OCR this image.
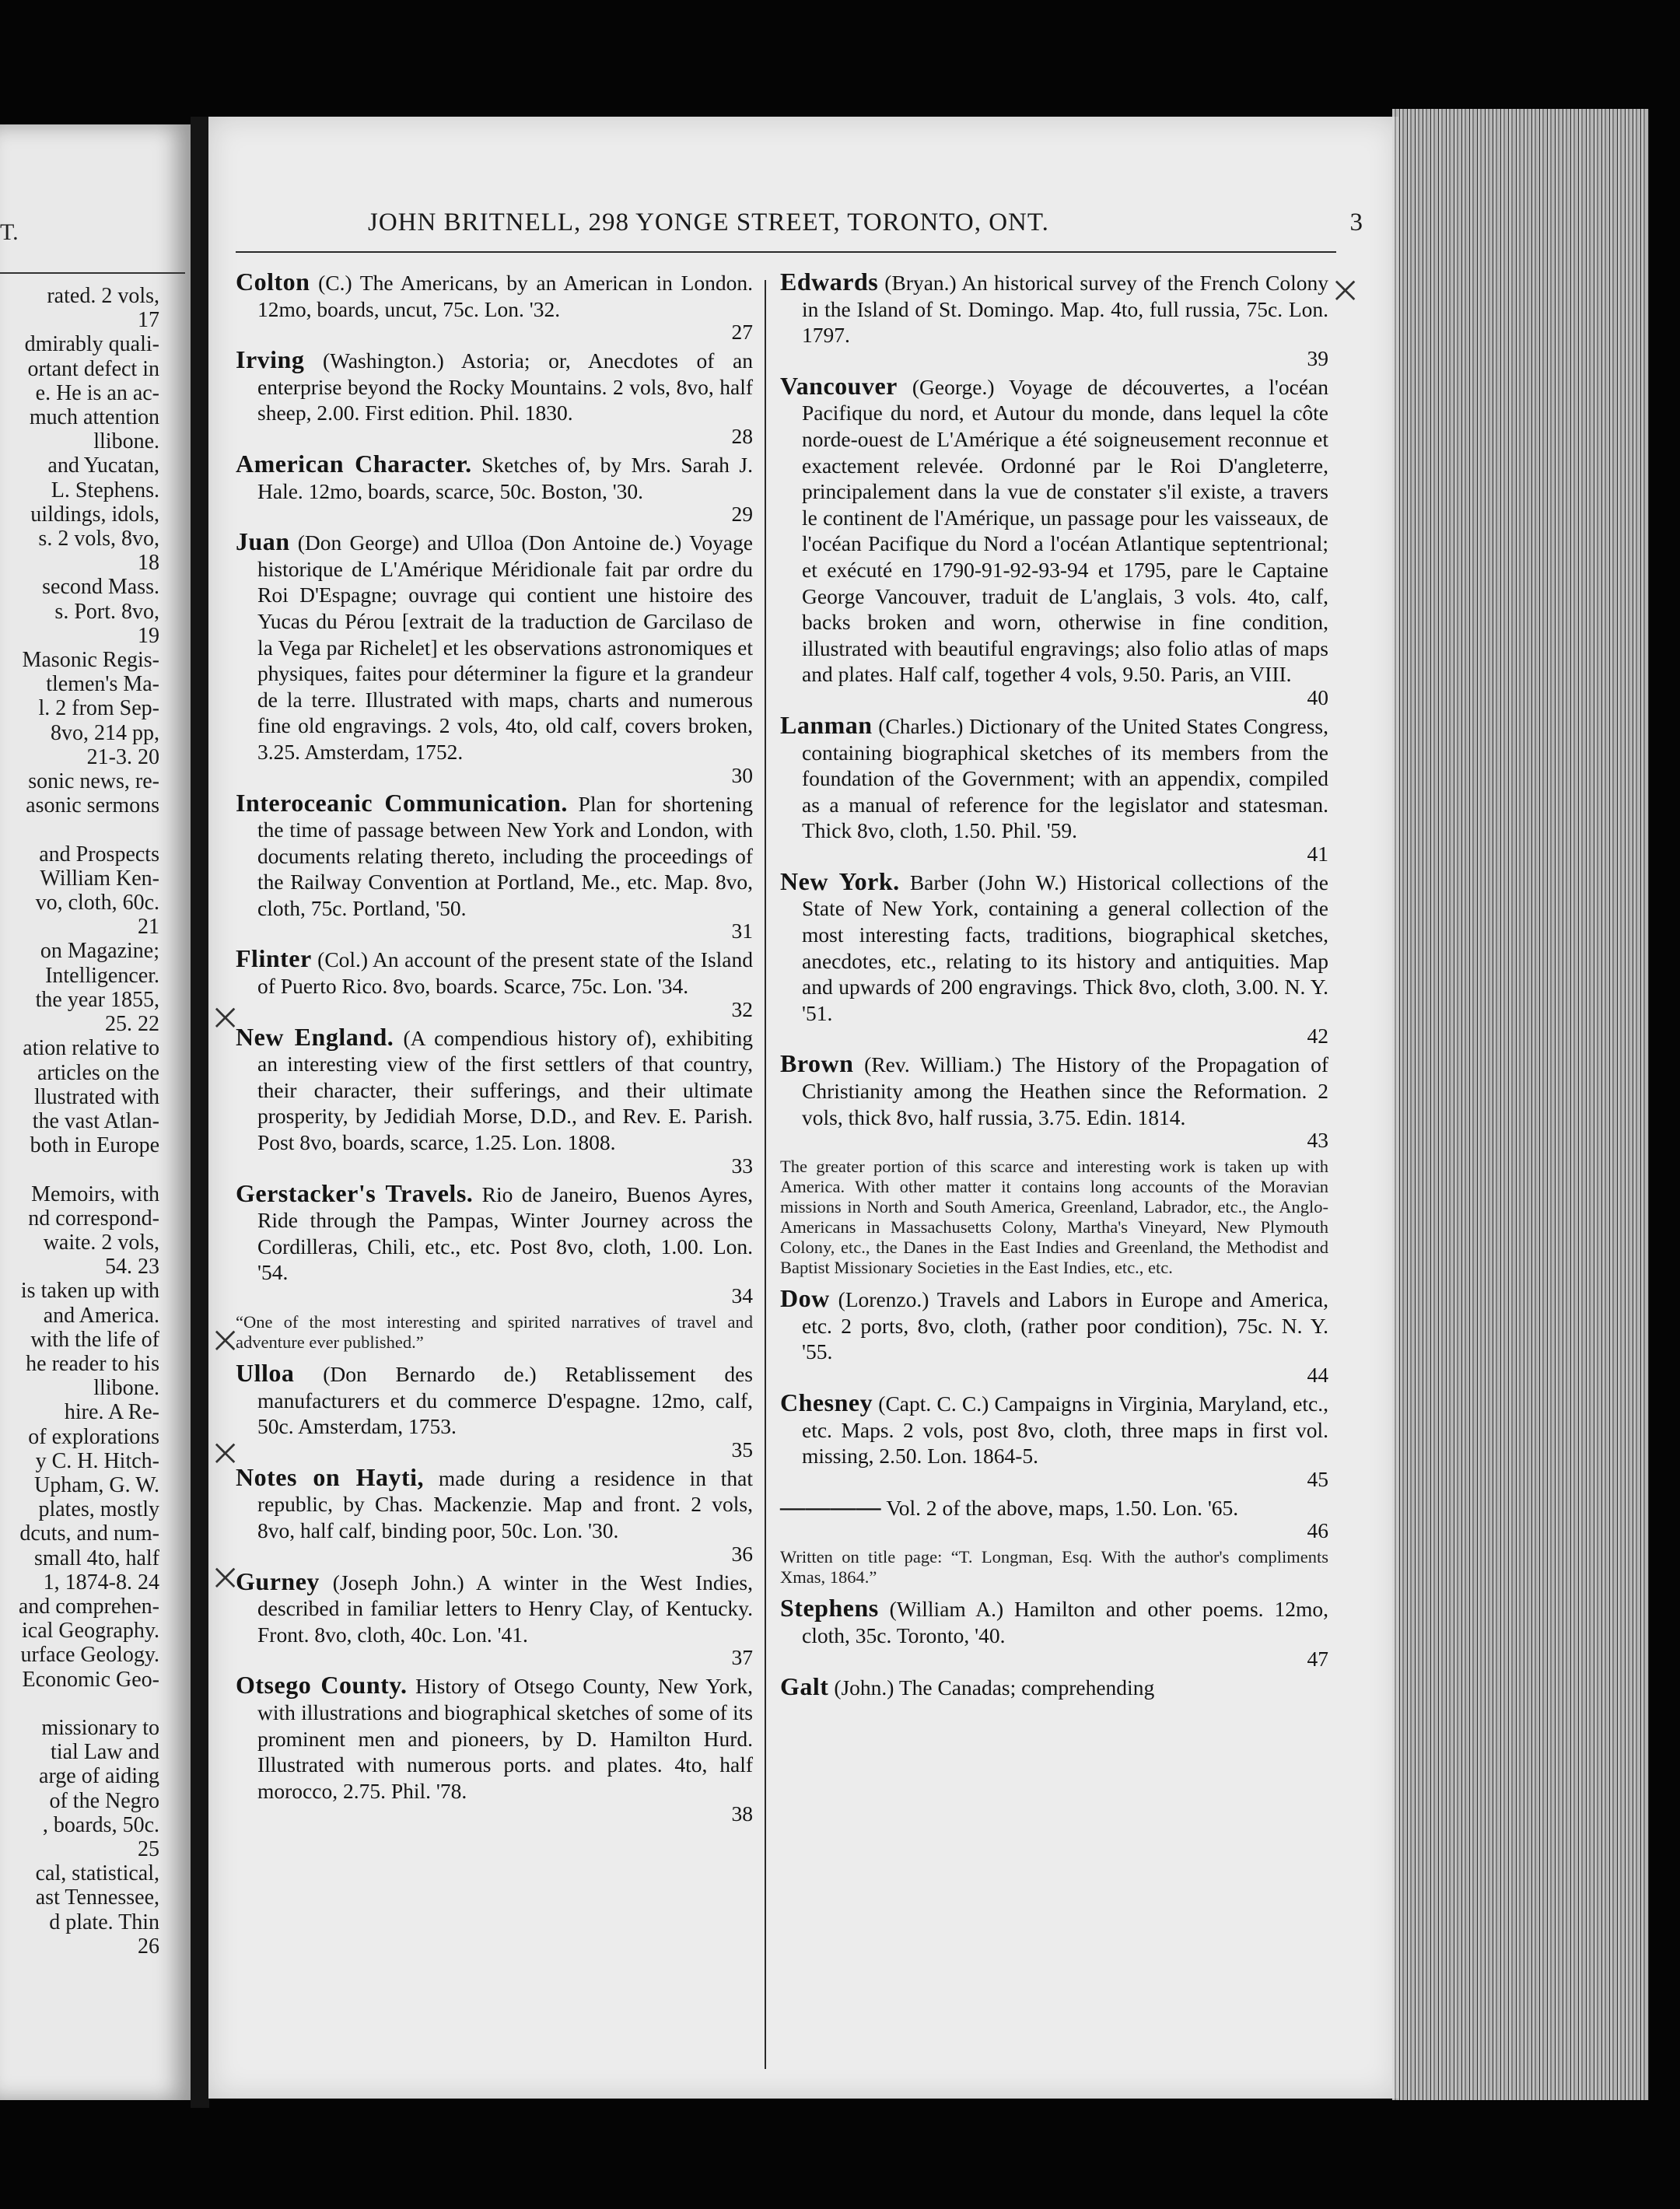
T.
rated. 2 vols,
17
dmirably quali-
ortant defect in
e. He is an ac-
much attention
llibone.
and Yucatan,
L. Stephens.
uildings, idols,
s. 2 vols, 8vo,
18
second Mass.
s. Port. 8vo,
19
Masonic Regis-
tlemen's Ma-
l. 2 from Sep-
8vo, 214 pp,
21-3. 20
sonic news, re-
asonic sermons

and Prospects
William Ken-
vo, cloth, 60c.
21
on Magazine;
Intelligencer.
the year 1855,
25. 22
ation relative to
articles on the
llustrated with
the vast Atlan-
both in Europe

Memoirs, with
nd correspond-
waite. 2 vols,
54. 23
is taken up with
and America.
with the life of
he reader to his
llibone.
hire. A Re-
of explorations
y C. H. Hitch-
Upham, G. W.
plates, mostly
dcuts, and num-
small 4to, half
1, 1874-8. 24
and comprehen-
ical Geography.
urface Geology.
Economic Geo-

missionary to
tial Law and
arge of aiding
of the Negro
, boards, 50c.
25
cal, statistical,
ast Tennessee,
d plate. Thin
26
JOHN BRITNELL, 298 YONGE STREET, TORONTO, ONT.	3
Colton (C.) The Americans, by an American in London. 12mo, boards, uncut, 75c. Lon. '32.
27
Irving (Washington.) Astoria; or, Anecdotes of an enterprise beyond the Rocky Mountains. 2 vols, 8vo, half sheep, 2.00. First edition. Phil. 1830.
28
American Character. Sketches of, by Mrs. Sarah J. Hale. 12mo, boards, scarce, 50c. Boston, '30.
29
Juan (Don George) and Ulloa (Don Antoine de.) Voyage historique de L'Amérique Méridionale fait par ordre du Roi D'Espagne; ouvrage qui contient une histoire des Yucas du Pérou [extrait de la traduction de Garcilaso de la Vega par Richelet] et les observations astronomiques et physiques, faites pour déterminer la figure et la grandeur de la terre. Illustrated with maps, charts and numerous fine old engravings. 2 vols, 4to, old calf, covers broken, 3.25. Amsterdam, 1752.
30
Interoceanic Communication. Plan for shortening the time of passage between New York and London, with documents relating thereto, including the proceedings of the Railway Convention at Portland, Me., etc. Map. 8vo, cloth, 75c. Portland, '50.
31
Flinter (Col.) An account of the present state of the Island of Puerto Rico. 8vo, boards. Scarce, 75c. Lon. '34.
32
New England. (A compendious history of), exhibiting an interesting view of the first settlers of that country, their character, their sufferings, and their ultimate prosperity, by Jedidiah Morse, D.D., and Rev. E. Parish. Post 8vo, boards, scarce, 1.25. Lon. 1808.
33
Gerstacker's Travels. Rio de Janeiro, Buenos Ayres, Ride through the Pampas, Winter Journey across the Cordilleras, Chili, etc., etc. Post 8vo, cloth, 1.00. Lon. '54.
34
“One of the most interesting and spirited narratives of travel and adventure ever published.”
Ulloa (Don Bernardo de.) Retablissement des manufacturers et du commerce D'espagne. 12mo, calf, 50c. Amsterdam, 1753.
35
Notes on Hayti, made during a residence in that republic, by Chas. Mackenzie. Map and front. 2 vols, 8vo, half calf, binding poor, 50c. Lon. '30.
36
Gurney (Joseph John.) A winter in the West Indies, described in familiar letters to Henry Clay, of Kentucky. Front. 8vo, cloth, 40c. Lon. '41.
37
Otsego County. History of Otsego County, New York, with illustrations and biographical sketches of some of its prominent men and pioneers, by D. Hamilton Hurd. Illustrated with numerous ports. and plates. 4to, half morocco, 2.75. Phil. '78.
38
Edwards (Bryan.) An historical survey of the French Colony in the Island of St. Domingo. Map. 4to, full russia, 75c. Lon. 1797.
39
Vancouver (George.) Voyage de découvertes, a l'océan Pacifique du nord, et Autour du monde, dans lequel la côte norde-ouest de L'Amérique a été soigneusement reconnue et exactement relevée. Ordonné par le Roi D'angleterre, principalement dans la vue de constater s'il existe, a travers le continent de l'Amérique, un passage pour les vaisseaux, de l'océan Pacifique du Nord a l'océan Atlantique septentrional; et exécuté en 1790-91-92-93-94 et 1795, pare le Captaine George Vancouver, traduit de L'anglais, 3 vols. 4to, calf, backs broken and worn, otherwise in fine condition, illustrated with beautiful engravings; also folio atlas of maps and plates. Half calf, together 4 vols, 9.50. Paris, an VIII.
40
Lanman (Charles.) Dictionary of the United States Congress, containing biographical sketches of its members from the foundation of the Government; with an appendix, compiled as a manual of reference for the legislator and statesman. Thick 8vo, cloth, 1.50. Phil. '59.
41
New York. Barber (John W.) Historical collections of the State of New York, containing a general collection of the most interesting facts, traditions, biographical sketches, anecdotes, etc., relating to its history and antiquities. Map and upwards of 200 engravings. Thick 8vo, cloth, 3.00. N. Y. '51.
42
Brown (Rev. William.) The History of the Propagation of Christianity among the Heathen since the Reformation. 2 vols, thick 8vo, half russia, 3.75. Edin. 1814.
43
The greater portion of this scarce and interesting work is taken up with America. With other matter it contains long accounts of the Moravian missions in North and South America, Greenland, Labrador, etc., the Anglo-Americans in Massachusetts Colony, Martha's Vineyard, New Plymouth Colony, etc., the Danes in the East Indies and Greenland, the Methodist and Baptist Missionary Societies in the East Indies, etc., etc.
Dow (Lorenzo.) Travels and Labors in Europe and America, etc. 2 ports, 8vo, cloth, (rather poor condition), 75c. N. Y. '55.
44
Chesney (Capt. C. C.) Campaigns in Virginia, Maryland, etc., etc. Maps. 2 vols, post 8vo, cloth, three maps in first vol. missing, 2.50. Lon. 1864-5.
45
———— Vol. 2 of the above, maps, 1.50. Lon. '65.
46
Written on title page: “T. Longman, Esq. With the author's compliments Xmas, 1864.”
Stephens (William A.) Hamilton and other poems. 12mo, cloth, 35c. Toronto, '40.
47
Galt (John.) The Canadas; comprehending
⨉
⨉
⨉
⨉
⨉
